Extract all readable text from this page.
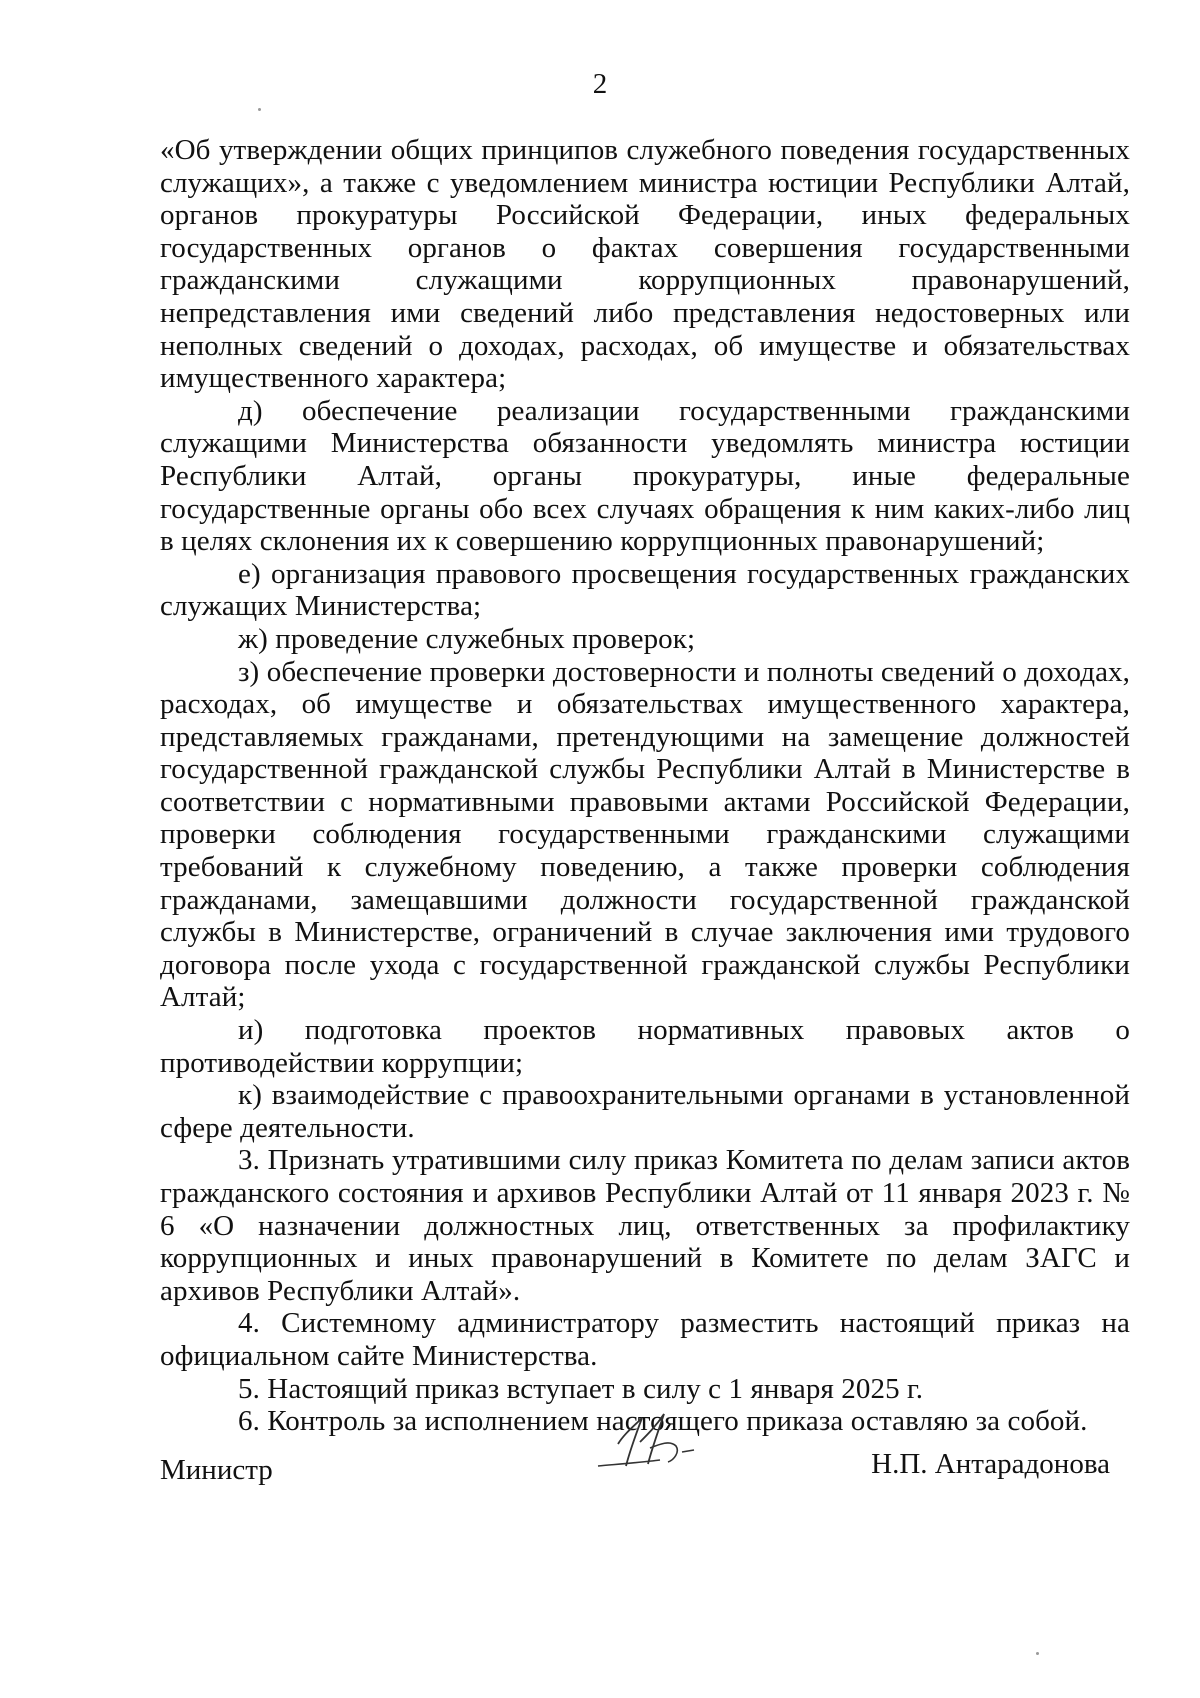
2

«Об утверждении общих принципов служебного поведения государственных служащих», а также с уведомлением министра юстиции Республики Алтай, органов прокуратуры Российской Федерации, иных федеральных государственных органов о фактах совершения государственными гражданскими служащими коррупционных правонарушений, непредставления ими сведений либо представления недостоверных или неполных сведений о доходах, расходах, об имуществе и обязательствах имущественного характера;

д) обеспечение реализации государственными гражданскими служащими Министерства обязанности уведомлять министра юстиции Республики Алтай, органы прокуратуры, иные федеральные государственные органы обо всех случаях обращения к ним каких-либо лиц в целях склонения их к совершению коррупционных правонарушений;

е) организация правового просвещения государственных гражданских служащих Министерства;

ж) проведение служебных проверок;

з) обеспечение проверки достоверности и полноты сведений о доходах, расходах, об имуществе и обязательствах имущественного характера, представляемых гражданами, претендующими на замещение должностей государственной гражданской службы Республики Алтай в Министерстве в соответствии с нормативными правовыми актами Российской Федерации, проверки соблюдения государственными гражданскими служащими требований к служебному поведению, а также проверки соблюдения гражданами, замещавшими должности государственной гражданской службы в Министерстве, ограничений в случае заключения ими трудового договора после ухода с государственной гражданской службы Республики Алтай;

и) подготовка проектов нормативных правовых актов о противодействии коррупции;

к) взаимодействие с правоохранительными органами в установленной сфере деятельности.

3. Признать утратившими силу приказ Комитета по делам записи актов гражданского состояния и архивов Республики Алтай от 11 января 2023 г. № 6 «О назначении должностных лиц, ответственных за профилактику коррупционных и иных правонарушений в Комитете по делам ЗАГС и архивов Республики Алтай».

4. Системному администратору разместить настоящий приказ на официальном сайте Министерства.

5. Настоящий приказ вступает в силу с 1 января 2025 г.

6. Контроль за исполнением настоящего приказа оставляю за собой.

Министр	Н.П. Антарадонова
